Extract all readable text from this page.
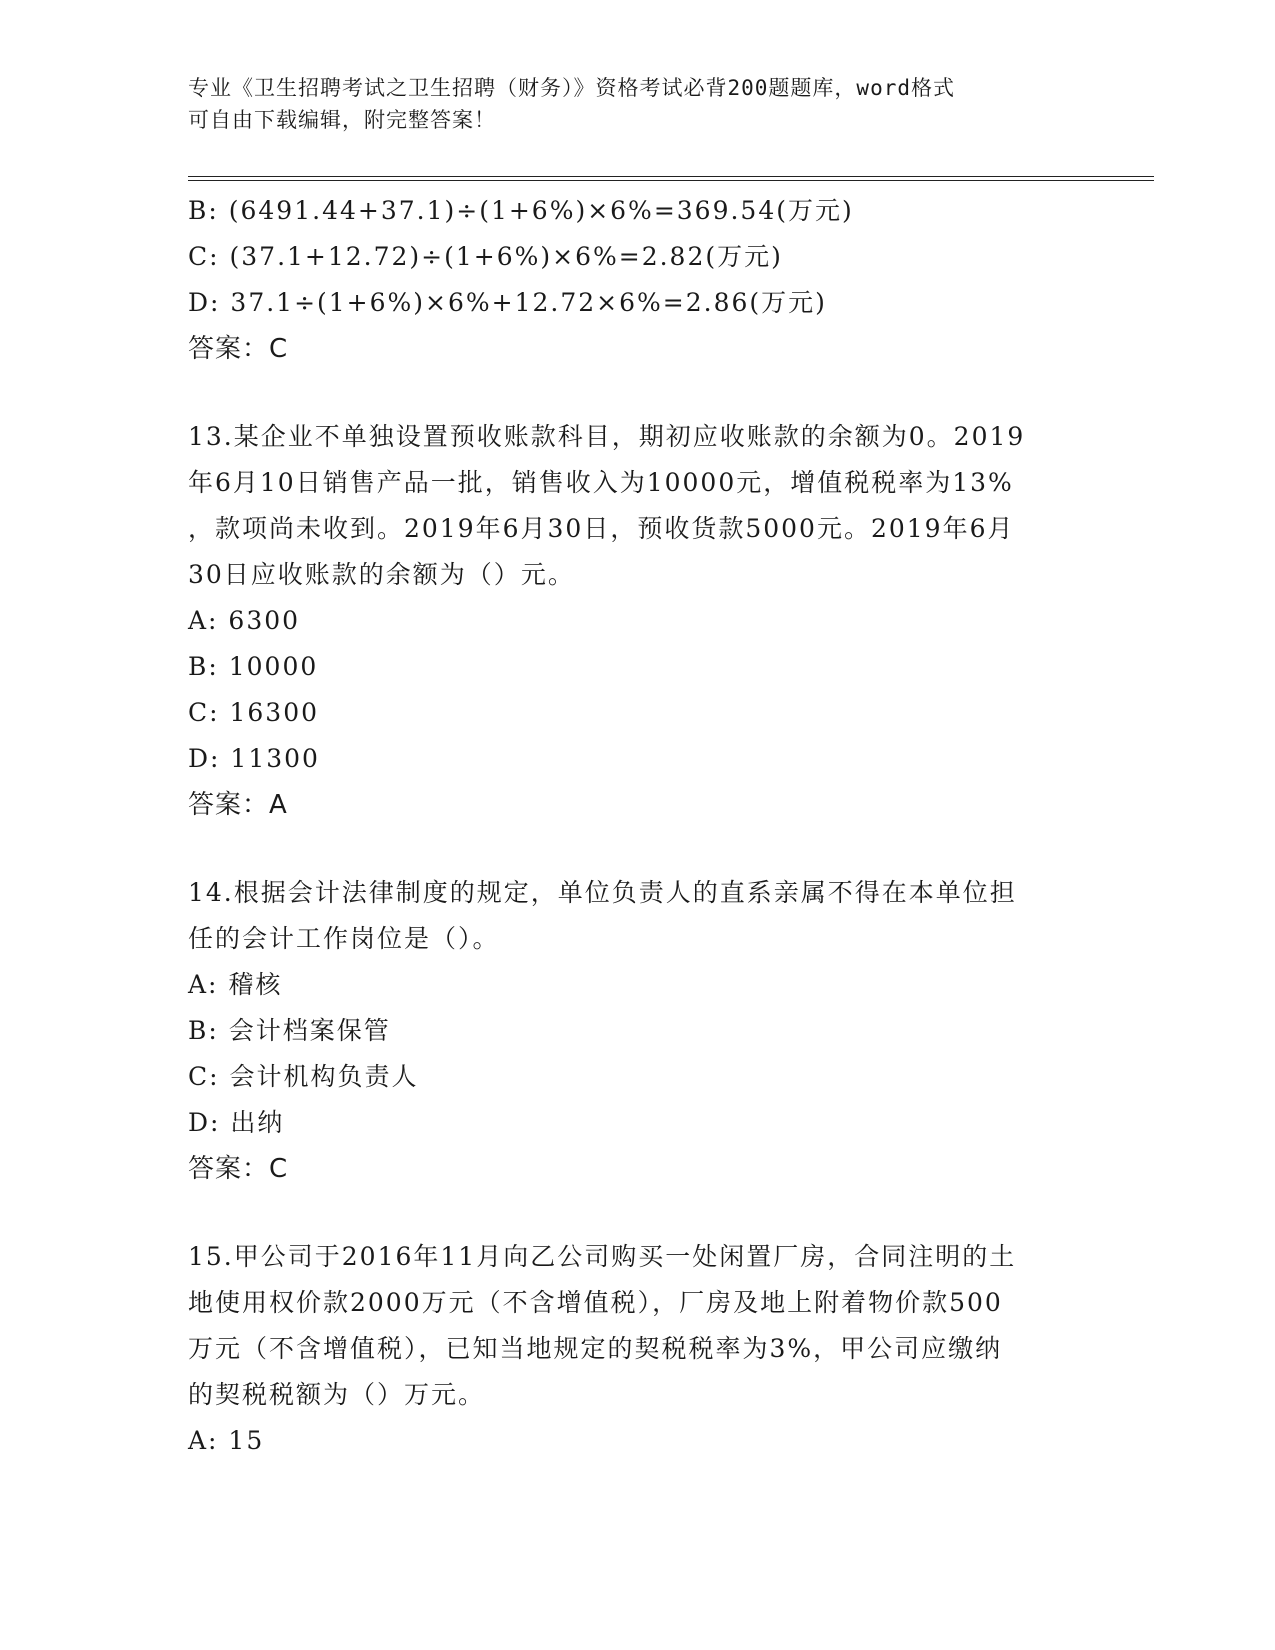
专业《卫生招聘考试之卫生招聘（财务）》资格考试必背200题题库，word格式
可自由下载编辑，附完整答案！
B: (6491.44+37.1)÷(1+6%)×6%=369.54(万元)
C: (37.1+12.72)÷(1+6%)×6%=2.82(万元)
D: 37.1÷(1+6%)×6%+12.72×6%=2.86(万元)
答案：C
13.某企业不单独设置预收账款科目，期初应收账款的余额为0。2019
年6月10日销售产品一批，销售收入为10000元，增值税税率为13%
，款项尚未收到。2019年6月30日，预收货款5000元。2019年6月
30日应收账款的余额为（）元。
A: 6300
B: 10000
C: 16300
D: 11300
答案：A
14.根据会计法律制度的规定，单位负责人的直系亲属不得在本单位担
任的会计工作岗位是（）。
A: 稽核
B: 会计档案保管
C: 会计机构负责人
D: 出纳
答案：C
15.甲公司于2016年11月向乙公司购买一处闲置厂房，合同注明的土
地使用权价款2000万元（不含增值税），厂房及地上附着物价款500
万元（不含增值税），已知当地规定的契税税率为3%，甲公司应缴纳
的契税税额为（）万元。
A: 15
